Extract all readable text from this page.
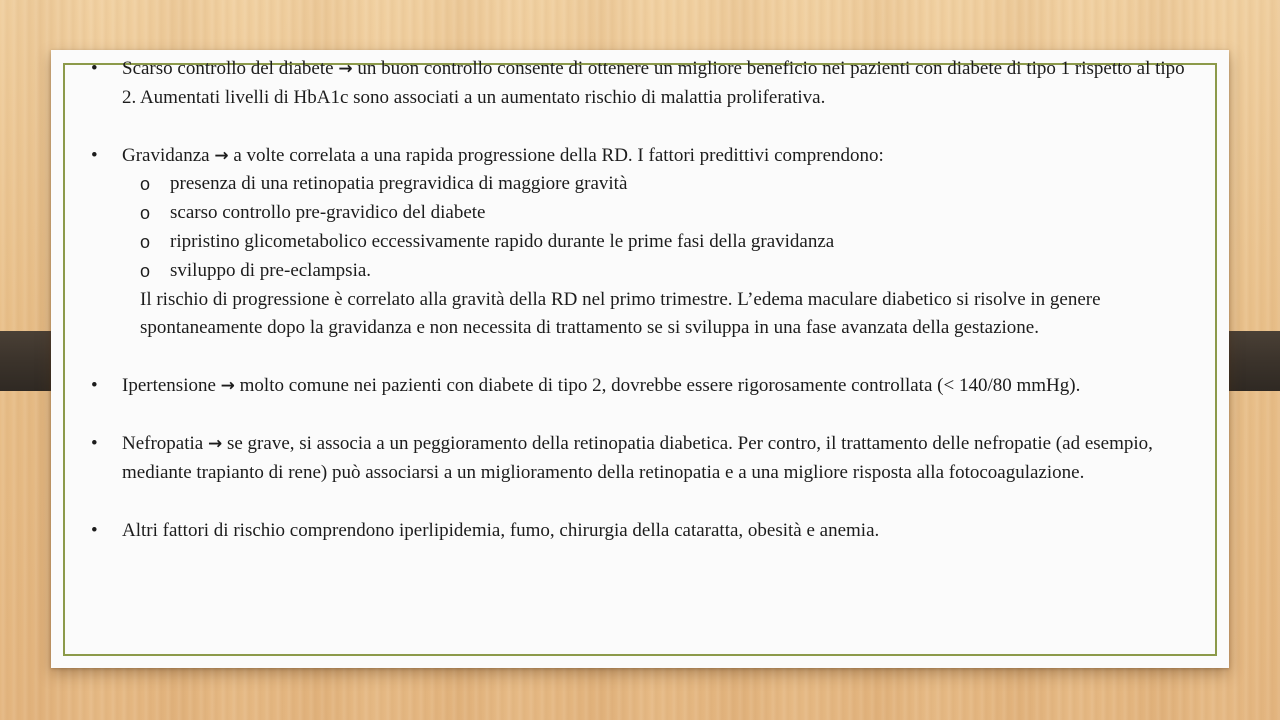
• Scarso controllo del diabete → un buon controllo consente di ottenere un migliore beneficio nei pazienti con diabete di tipo 1 rispetto al tipo 2. Aumentati livelli di HbA1c sono associati a un aumentato rischio di malattia proliferativa.

• Gravidanza → a volte correlata a una rapida progressione della RD. I fattori predittivi comprendono:

o presenza di una retinopatia pregravidica di maggiore gravità
o scarso controllo pre-gravidico del diabete
o ripristino glicometabolico eccessivamente rapido durante le prime fasi della gravidanza
o sviluppo di pre-eclampsia.

Il rischio di progressione è correlato alla gravità della RD nel primo trimestre. L’edema maculare diabetico si risolve in genere spontaneamente dopo la gravidanza e non necessita di trattamento se si sviluppa in una fase avanzata della gestazione.

• Ipertensione → molto comune nei pazienti con diabete di tipo 2, dovrebbe essere rigorosamente controllata (< 140/80 mmHg).

• Nefropatia → se grave, si associa a un peggioramento della retinopatia diabetica. Per contro, il trattamento delle nefropatie (ad esempio, mediante trapianto di rene) può associarsi a un miglioramento della retinopatia e a una migliore risposta alla fotocoagulazione.

• Altri fattori di rischio comprendono iperlipidemia, fumo, chirurgia della cataratta, obesità e anemia.
